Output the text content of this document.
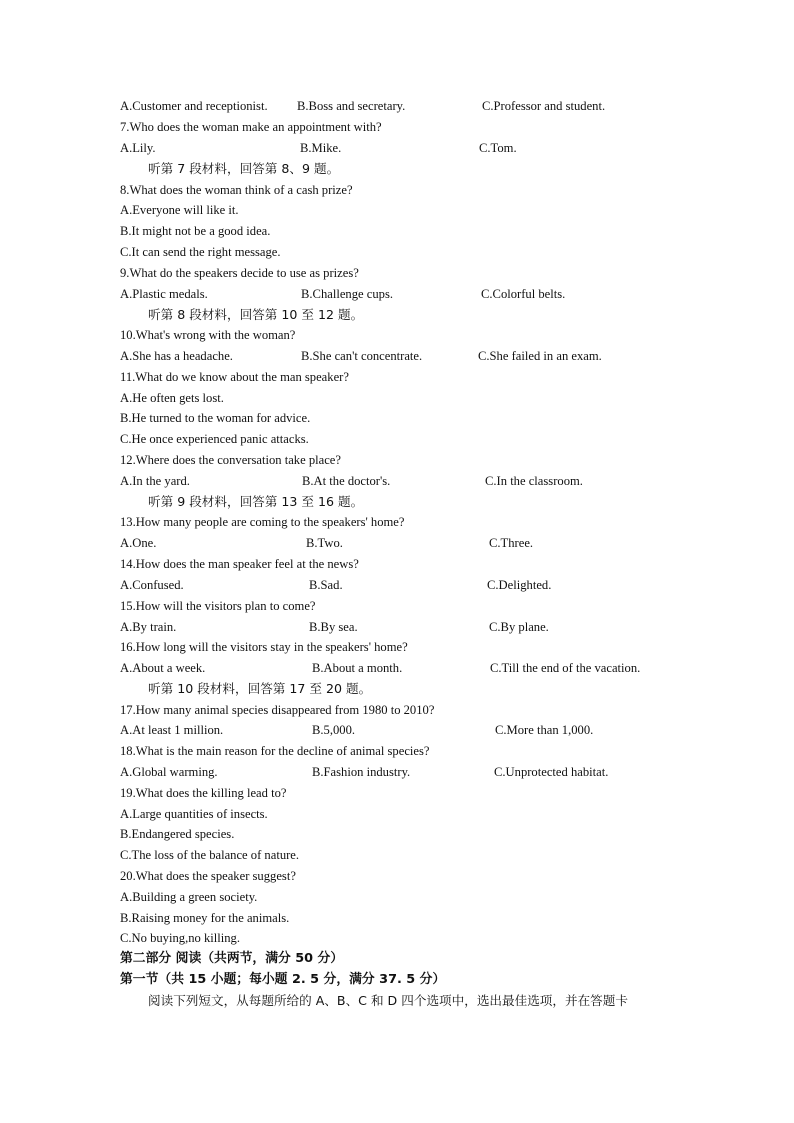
A.Customer and receptionist. B.Boss and secretary.	C.Professor and student.
7.Who does the woman make an appointment with?
A.Lily.	B.Mike.	C.Tom.
听第 7 段材料，回答第 8、9 题。
8.What does the woman think of a cash prize?
A.Everyone will like it.
B.It might not be a good idea.
C.It can send the right message.
9.What do the speakers decide to use as prizes?
A.Plastic medals.	B.Challenge cups.	C.Colorful belts.
听第 8 段材料，回答第 10 至 12 题。
10.What's wrong with the woman?
A.She has a headache.	B.She can't concentrate.	C.She failed in an exam.
11.What do we know about the man speaker?
A.He often gets lost.
B.He turned to the woman for advice.
C.He once experienced panic attacks.
12.Where does the conversation take place?
A.In the yard.	B.At the doctor's.	C.In the classroom.
听第 9 段材料，回答第 13 至 16 题。
13.How many people are coming to the speakers' home?
A.One.	B.Two.	C.Three.
14.How does the man speaker feel at the news?
A.Confused.	B.Sad.	C.Delighted.
15.How will the visitors plan to come?
A.By train.	B.By sea.	C.By plane.
16.How long will the visitors stay in the speakers' home?
A.About a week.	B.About a month.	C.Till the end of the vacation.
听第 10 段材料，回答第 17 至 20 题。
17.How many animal species disappeared from 1980 to 2010?
A.At least 1 million.	B.5,000.	C.More than 1,000.
18.What is the main reason for the decline of animal species?
A.Global warming.	B.Fashion industry.	C.Unprotected habitat.
19.What does the killing lead to?
A.Large quantities of insects.
B.Endangered species.
C.The loss of the balance of nature.
20.What does the speaker suggest?
A.Building a green society.
B.Raising money for the animals.
C.No buying,no killing.
第二部分 阅读（共两节，满分 50 分）
第一节（共 15 小题；每小题 2. 5 分，满分 37. 5 分）
阅读下列短文，从每题所给的 A、B、C 和 D 四个选项中，选出最佳选项，并在答题卡
